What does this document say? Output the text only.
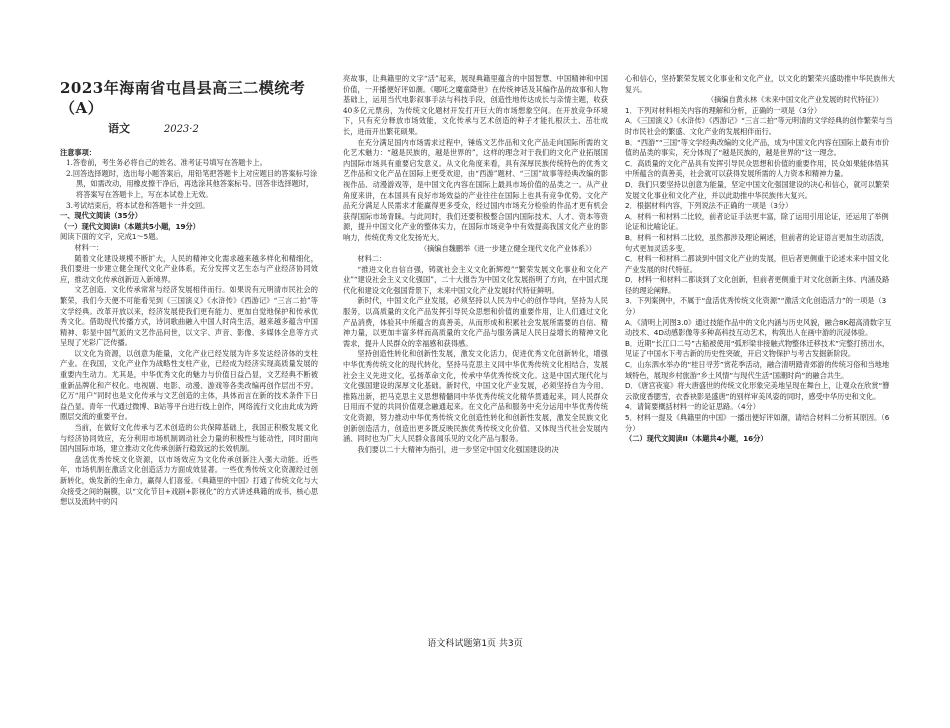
2023年海南省屯昌县高三二模统考（A）
语文	2023·2

注意事项：

1.答卷前，考生务必将自己的姓名、准考证号填写在答题卡上。
2.回答选择题时，选出每小题答案后，用铅笔把答题卡上对应题目的答案标号涂黑，如需改动，用橡皮擦干净后，再选涂其他答案标号。回答非选择题时，将答案写在答题卡上，写在本试卷上无效。
3.考试结束后，将本试卷和答题卡一并交回。

一、现代文阅读（35分）

（一）现代文阅读I（本题共5小题，19分）

阅读下面的文字，完成1～5题。

材料一：

随着文化建设规模不断扩大，人民的精神文化需求越来越多样化和精细化，我们要进一步建立健全现代文化产业体系，充分发挥文艺生态与产业经济协同效应，推动文化传承创新迈入新境界。

文艺创造、文化传承常常与经济发展相伴而行。如果说有元明清市民社会的繁荣，我们今天便不可能看见到《三国演义》《水浒传》《西游记》“三言二拍”等文学经典。改革开放以来，经济发展使我们更有能力、更加自觉地保护和传承优秀文化。借助现代传播方式，诗词歌曲融入中国人时尚生活，越来越多蕴含中国精神、彰显中国气派的文艺作品问世，以文字、声音、影像、多媒体全息等方式呈现了光彩广泛传播。

以文化为资源，以创意为能量，文化产业已经发展为许多发达经济体的支柱产业。在我国，文化产业作为战略性支柱产业，已经成为经济实现高质量发展的重要内生动力。尤其是，中华优秀文化的魅力与价值日益凸显，文艺经典不断被重新品牌化和产权化。电视剧、电影、动漫、游戏等各类改编再创作层出不穷。亿万“用户”同时也是文化传承与文艺创造的主体，具体而言在新的技术条件下日益凸显。青年一代通过微博、B站等平台进行线上创作，网络流行文化由此成为跨圈层交流的重要平台。

当前，在做好文化传承与艺术创造的公共保障基础上，我国正积极发展文化与经济协同效应，充分利用市场机制调动社会力量的积极性与能动性，同时面向国内国际市场，建立推动文化传承创新行稳致远的长效机制。

盘活优秀传统文化资源，以市场效应为文化传承创新注入强大动能。近些年，市场机制在激活文化创造活力方面成效显著。一些优秀传统文化资源经过创新转化，焕发新的生命力，赢得人们喜爱。《典籍里的中国》打通了传统文化与大众接受之间的隔膜，以“文化节目+戏剧+影视化”的方式讲述典籍的成书、核心思想以及流转中的闪

亮故事，让典籍里的文字“活”起来，展现典籍里蕴含的中国智慧、中国精神和中国价值，一开播便好评如潮。《哪吒之魔童降世》在传统神话及其编作品的故事和人物基础上，运用当代电影叙事手法与科技手段，创造性地传达成长与亲情主题，收获40多亿元票房，为传统文化题材开发打开巨大的市场想象空间。在开放竞争环境下，只有充分释放市场效能，文化传承与艺术创造的种子才能扎根沃土、茁壮成长，进而开出繁花硕果。

在充分满足国内市场需求过程中，锤炼文艺作品和文化产品走向国际所需的文化艺术魅力：“越是民族的，越是世界的”，这样的理念对于我们的文化产业拓展国内国际市场具有重要启发意义。从文化角度来看，具有深厚民族传统特色的优秀文艺作品和文化产品在国际上更受欢迎，由“西游”题材、“三国”故事等经典改编的影视作品、动漫游戏等，是中国文化内容在国际上最具市场价值的品类之一。从产业角度来讲，在本国具有良好市场效益的产业往往在国际上也具有竞争优势。文化产品充分满足人民需求才能赢得更多受众，经过国内市场充分检验的作品才更有机会获得国际市场青睐。与此同时，我们还要积极整合国内国际技术、人才、资本等资源，提升中国文化产业的整体实力，在国际市场竞争中有效提高我国文化产业的影响力，传统优秀文化发扬光大。

（摘编自魏鹏举《进一步建立健全现代文化产业体系》）

材料二：

“推进文化自信自强，铸就社会主义文化新辉煌”“繁荣发展文化事业和文化产业”“建设社会主义文化强国”，二十大报告为中国文化发展指明了方向，在中国式现代化和建设文化强国背景下，未来中国文化产业发展时代特征鲜明。

新时代，中国文化产业发展，必须坚持以人民为中心的创作导向，坚持为人民服务，以高质量的文化产品发挥引导民众思想和价值的重要作用，让人们通过文化产品消费，体验其中所蕴含的真善美，从而形成和积累社会发展所需要的自信、精神力量，以更加丰富多样而高质量的文化产品与服务满足人民日益增长的精神文化需求，提升人民群众的幸福感和获得感。

坚持创造性转化和创新性发展，激发文化活力，促进优秀文化创新转化，增强中华优秀传统文化的现代转化，坚持马克思主义同中华优秀传统文化相结合，发展社会主义先进文化，弘扬革命文化，传承中华优秀传统文化。这是中国式现代化与文化强国建设的深厚文化基础。新时代，中国文化产业发展，必须坚持自为今用、推陈出新，把马克思主义思想精髓同中华优秀传统文化精华贯通起来，同人民群众日用而不觉的共同价值观念融通起来。在文化产品和服务中充分运用中华优秀传统文化资源，努力推动中华优秀传统文化创造性转化和创新性发展，激发全民族文化创新创造活力，创造出更多既反映民族优秀传统文化价值、又体现当代社会发展内涵、同时也为广大人民群众喜闻乐见的文化产品与服务。

我们要以二十大精神为指引，进一步坚定中国文化强国建设的决

心和信心，坚持繁荣发展文化事业和文化产业，以文化的繁荣兴盛助推中华民族伟大复兴。

（摘编自黄永林《未来中国文化产业发展的时代特征》）

1．下列对材料相关内容的理解和分析，正确的一项是（3分）

A．《三国演义》《水浒传》《西游记》“三言二拍”等元明清的文学经典的创作繁荣与当时市民社会的繁盛、文化产业的发展相伴而行。

B．“西游”“三国”等文学经典改编的文化产品，成为中国文化内容在国际上最有市价值的品类的事实，充分体现了“越是民族的，越是世界的”这一理念。

C．高质量的文化产品具有发挥引导民众思想和价值的重要作用，民众如果能体悟其中所蕴含的真善美，社会就可以获得发展所需的人力资本和精神力量。

D．我们只要坚持以创意为能量，坚定中国文化强国建设的决心和信心，就可以繁荣发展文化事业和文化产业，并以此助推中华民族伟大复兴。

2．根据材料内容，下列说法不正确的一项是（3分）

A．材料一和材料二比较，前者论证手法更丰富，除了运用引用论证，还运用了举例论证和比喻论证。

B．材料一和材料二比较，虽然都涉及理论阐述，但前者的论证语言更加生动活泼，句式更加灵活多变。

C．材料一和材料二都谈到中国文化产业的发展，但后者更侧重于论述未来中国文化产业发展的时代特征。

D．材料一和材料二都谈到了文化创新，但前者更侧重于对文化创新主体、内涵及路径的理论阐释。

3．下列案例中，不属于“盘活优秀传统文化资源”“激活文化创造活力”的一项是（3分）

A．《清明上河图3.0》通过技能作品中的文化内涵与历史风貌，融合8K超高清数字互动技术、4D动感影像等多种高科技互动艺术，构筑出人在画中游的沉浸体验。

B．近期“长江口二号”古船被使用“弧形梁非接触式物整体迁移技术”完整打捞出水，见证了中国水下考古新的历史性突破，开启文物保护与考古发掘新阶段。

C．山东泗水举办的“桂日寻芳”赏花季活动，融合清明踏青郊游的传统习俗和当地地域特色，展现乡村旅游“乡土风情”与现代生活“国潮时尚”的融合共生。

D．《唐宫夜宴》将大唐盛世的传统文化形象完美地呈现在舞台上，让观众在欣赏“簪云欲度香腮雪，衣香袂影是盛唐”的别样审美风姿的同时，感受中华历史和文化。

4．请简要概括材料一的论证思路。（4分）

5．材料一提及《典籍里的中国》一播出便好评如潮，请结合材料二分析其原因。（6分）

（二）现代文阅读II（本题共4小题，16分）

语文科试题第1页 共3页
